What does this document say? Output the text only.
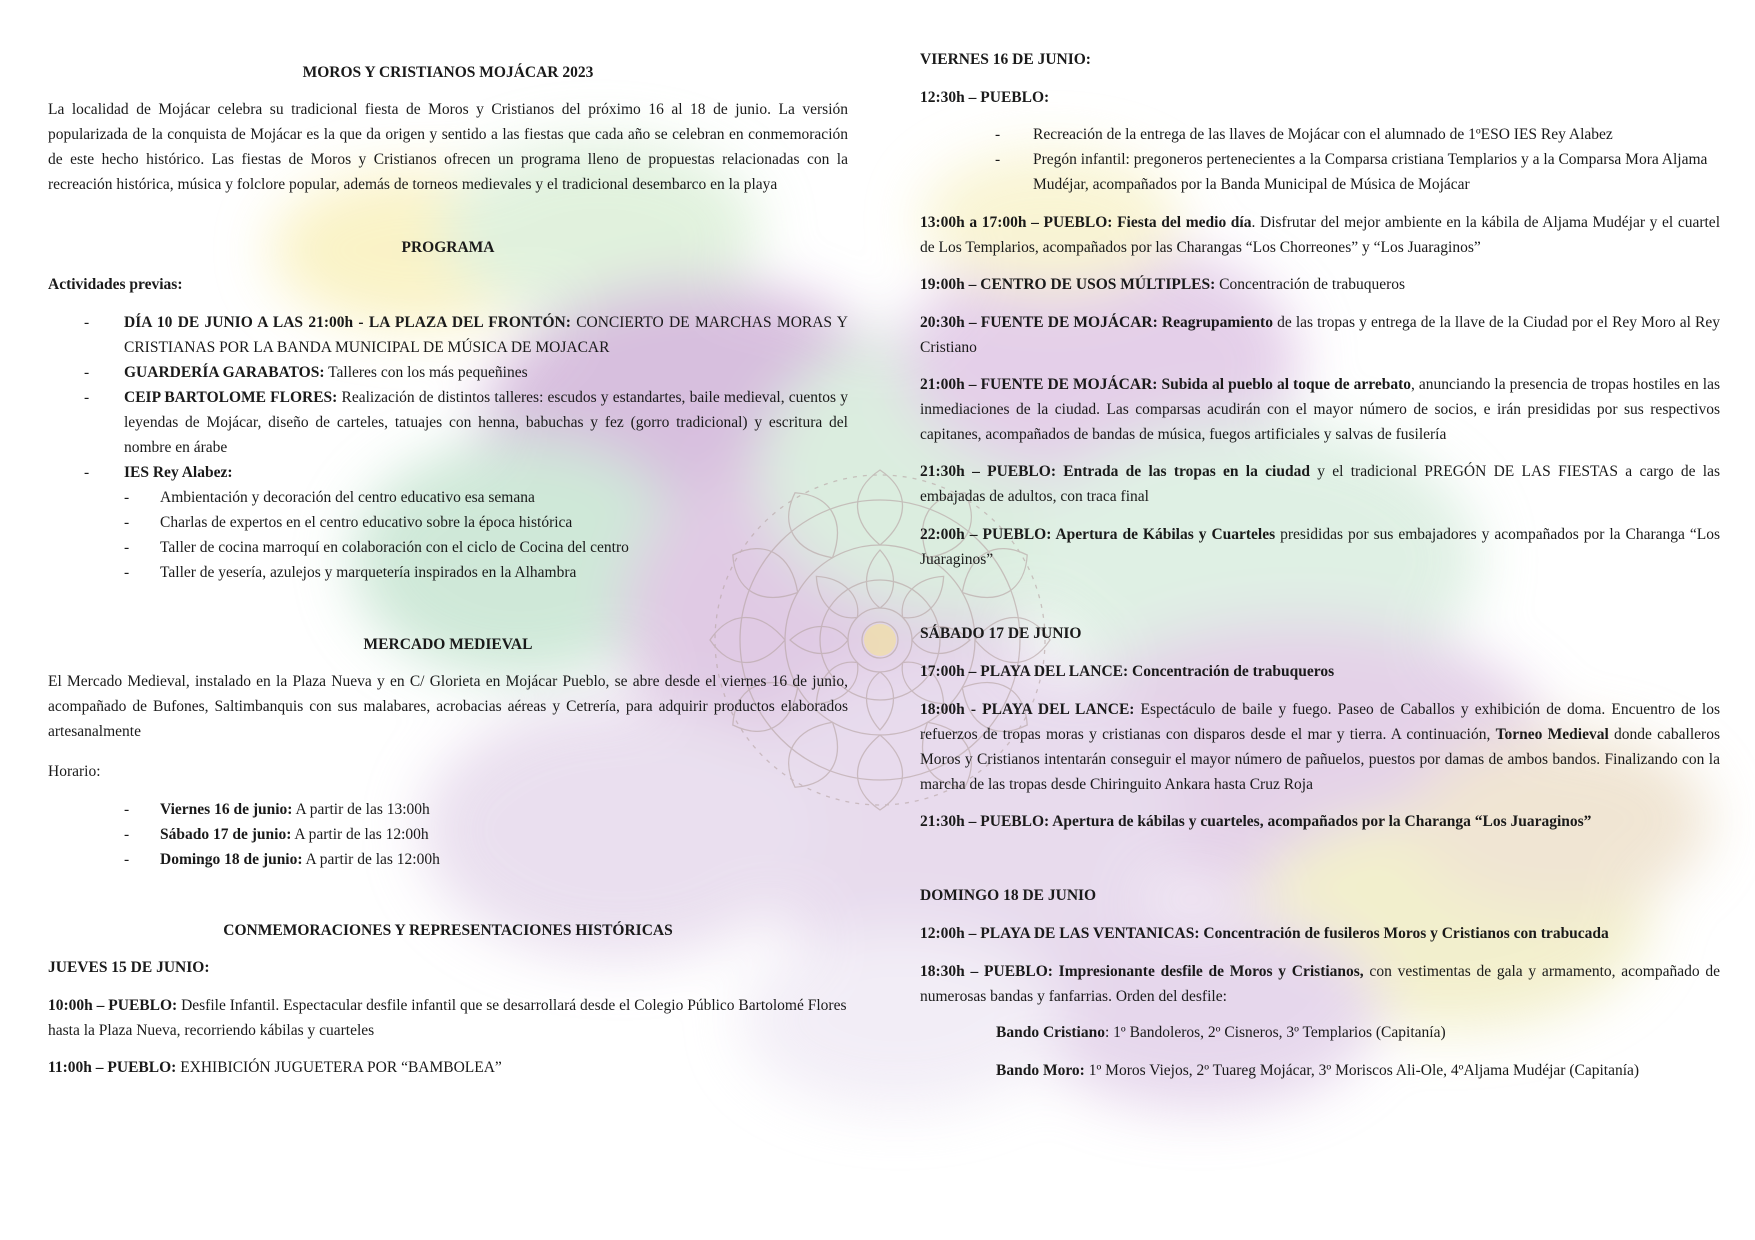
MOROS Y CRISTIANOS MOJÁCAR 2023

La localidad de Mojácar celebra su tradicional fiesta de Moros y Cristianos del próximo 16 al 18 de junio. La versión popularizada de la conquista de Mojácar es la que da origen y sentido a las fiestas que cada año se celebran en conmemoración de este hecho histórico. Las fiestas de Moros y Cristianos ofrecen un programa lleno de propuestas relacionadas con la recreación histórica, música y folclore popular, además de torneos medievales y el tradicional desembarco en la playa

PROGRAMA

Actividades previas:

- DÍA 10 DE JUNIO A LAS 21:00h - LA PLAZA DEL FRONTÓN: CONCIERTO DE MARCHAS MORAS Y CRISTIANAS POR LA BANDA MUNICIPAL DE MÚSICA DE MOJACAR
- GUARDERÍA GARABATOS: Talleres con los más pequeñines
- CEIP BARTOLOME FLORES: Realización de distintos talleres: escudos y estandartes, baile medieval, cuentos y leyendas de Mojácar, diseño de carteles, tatuajes con henna, babuchas y fez (gorro tradicional) y escritura del nombre en árabe
- IES Rey Alabez:
- Ambientación y decoración del centro educativo esa semana
- Charlas de expertos en el centro educativo sobre la época histórica
- Taller de cocina marroquí en colaboración con el ciclo de Cocina del centro
- Taller de yesería, azulejos y marquetería inspirados en la Alhambra

MERCADO MEDIEVAL

El Mercado Medieval, instalado en la Plaza Nueva y en C/ Glorieta en Mojácar Pueblo, se abre desde el viernes 16 de junio, acompañado de Bufones, Saltimbanquis con sus malabares, acrobacias aéreas y Cetrería, para adquirir productos elaborados artesanalmente

Horario:

- Viernes 16 de junio: A partir de las 13:00h
- Sábado 17 de junio: A partir de las 12:00h
- Domingo 18 de junio: A partir de las 12:00h

CONMEMORACIONES Y REPRESENTACIONES HISTÓRICAS

JUEVES 15 DE JUNIO:

10:00h – PUEBLO: Desfile Infantil. Espectacular desfile infantil que se desarrollará desde el Colegio Público Bartolomé Flores hasta la Plaza Nueva, recorriendo kábilas y cuarteles

11:00h – PUEBLO: EXHIBICIÓN JUGUETERA POR “BAMBOLEA”

VIERNES 16 DE JUNIO:

12:30h – PUEBLO:

- Recreación de la entrega de las llaves de Mojácar con el alumnado de 1ºESO IES Rey Alabez
- Pregón infantil: pregoneros pertenecientes a la Comparsa cristiana Templarios y a la Comparsa Mora Aljama Mudéjar, acompañados por la Banda Municipal de Música de Mojácar

13:00h a 17:00h – PUEBLO: Fiesta del medio día. Disfrutar del mejor ambiente en la kábila de Aljama Mudéjar y el cuartel de Los Templarios, acompañados por las Charangas “Los Chorreones” y “Los Juaraginos”

19:00h – CENTRO DE USOS MÚLTIPLES: Concentración de trabuqueros

20:30h – FUENTE DE MOJÁCAR: Reagrupamiento de las tropas y entrega de la llave de la Ciudad por el Rey Moro al Rey Cristiano

21:00h – FUENTE DE MOJÁCAR: Subida al pueblo al toque de arrebato, anunciando la presencia de tropas hostiles en las inmediaciones de la ciudad. Las comparsas acudirán con el mayor número de socios, e irán presididas por sus respectivos capitanes, acompañados de bandas de música, fuegos artificiales y salvas de fusilería

21:30h – PUEBLO: Entrada de las tropas en la ciudad y el tradicional PREGÓN DE LAS FIESTAS a cargo de las embajadas de adultos, con traca final

22:00h – PUEBLO: Apertura de Kábilas y Cuarteles presididas por sus embajadores y acompañados por la Charanga “Los Juaraginos”

SÁBADO 17 DE JUNIO

17:00h – PLAYA DEL LANCE: Concentración de trabuqueros

18:00h - PLAYA DEL LANCE: Espectáculo de baile y fuego. Paseo de Caballos y exhibición de doma. Encuentro de los refuerzos de tropas moras y cristianas con disparos desde el mar y tierra. A continuación, Torneo Medieval donde caballeros Moros y Cristianos intentarán conseguir el mayor número de pañuelos, puestos por damas de ambos bandos. Finalizando con la marcha de las tropas desde Chiringuito Ankara hasta Cruz Roja

21:30h – PUEBLO: Apertura de kábilas y cuarteles, acompañados por la Charanga “Los Juaraginos”

DOMINGO 18 DE JUNIO

12:00h – PLAYA DE LAS VENTANICAS: Concentración de fusileros Moros y Cristianos con trabucada

18:30h – PUEBLO: Impresionante desfile de Moros y Cristianos, con vestimentas de gala y armamento, acompañado de numerosas bandas y fanfarrias. Orden del desfile:

Bando Cristiano: 1º Bandoleros, 2º Cisneros, 3º Templarios (Capitanía)

Bando Moro: 1º Moros Viejos, 2º Tuareg Mojácar, 3º Moriscos Ali-Ole, 4ºAljama Mudéjar (Capitanía)
